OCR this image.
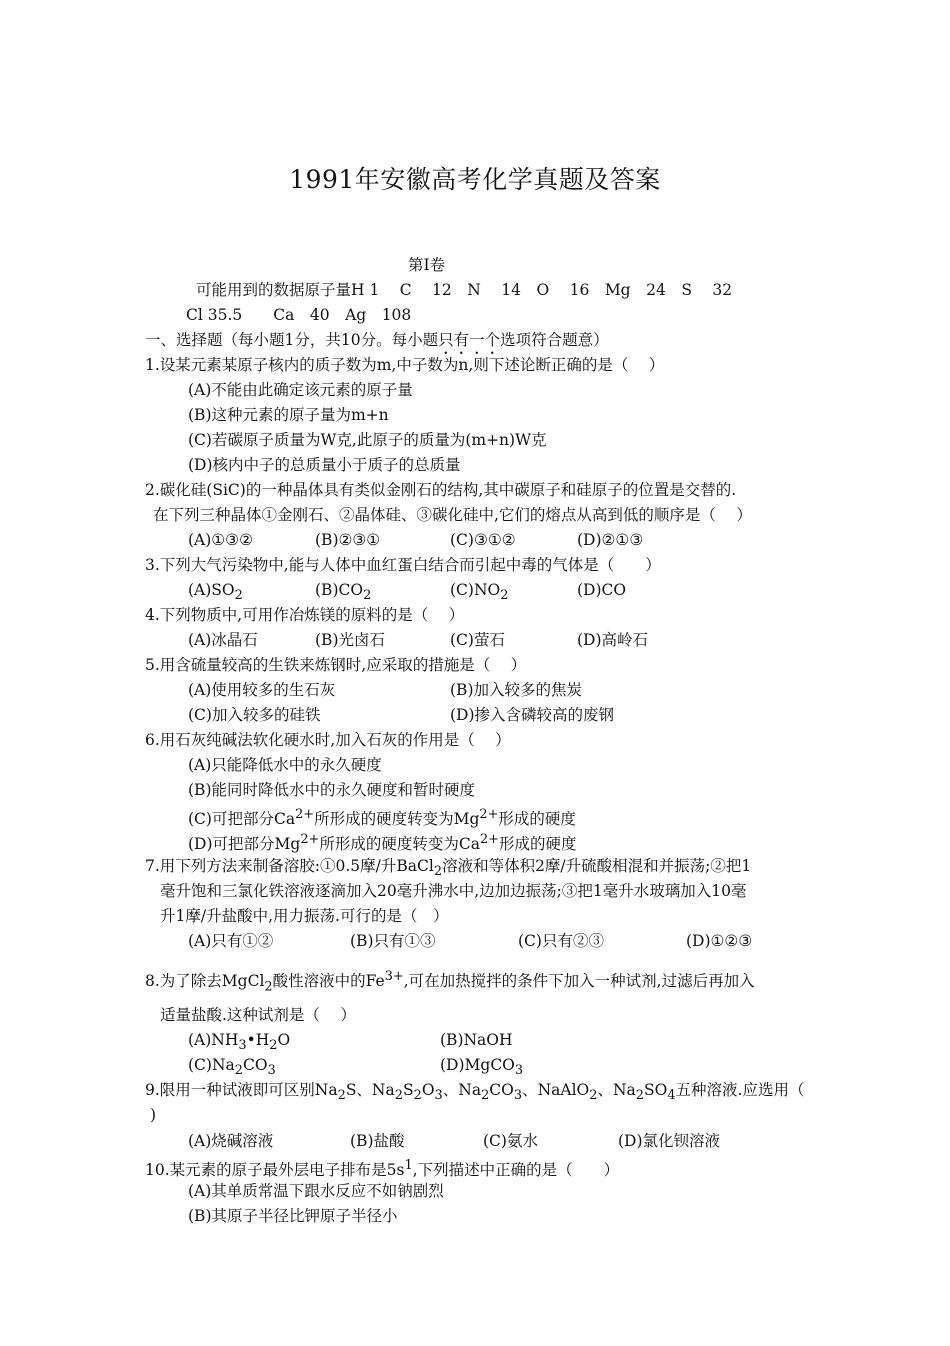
1991年安徽高考化学真题及答案
第Ⅰ卷
可能用到的数据原子量H 1　 C　 12　N　 14　O　 16　Mg　24　S　 32
Cl 35.5　　Ca　40　Ag　108
一、选择题（每小题1分，共10分。每小题只有一个选项符合题意）
1.设某元素某原子核内的质子数为m,中子数为n,则下述论断正确的是（　 ）
(A)不能由此确定该元素的原子量
(B)这种元素的原子量为m+n
(C)若碳原子质量为W克,此原子的质量为(m+n)W克
(D)核内中子的总质量小于质子的总质量
2.碳化硅(SiC)的一种晶体具有类似金刚石的结构,其中碳原子和硅原子的位置是交替的.
在下列三种晶体①金刚石、②晶体硅、③碳化硅中,它们的熔点从高到低的顺序是（　 ）
(A)①③②	(B)②③①	(C)③①②	(D)②①③
3.下列大气污染物中,能与人体中血红蛋白结合而引起中毒的气体是（　　）
$(A)SO_2$	$(B)CO_2$	$(C)NO_2$	(D)CO
4.下列物质中,可用作冶炼镁的原料的是（　 ）
(A)冰晶石	(B)光卤石	(C)萤石	(D)高岭石
5.用含硫量较高的生铁来炼钢时,应采取的措施是（　 ）
(A)使用较多的生石灰	(B)加入较多的焦炭
(C)加入较多的硅铁	(D)掺入含磷较高的废钢
6.用石灰纯碱法软化硬水时,加入石灰的作用是（　 ）
(A)只能降低水中的永久硬度
(B)能同时降低水中的永久硬度和暂时硬度
(C)可把部分$Ca^{2+}$所形成的硬度转变为$Mg^{2+}$形成的硬度
(D)可把部分$Mg^{2+}$所形成的硬度转变为$Ca^{2+}$形成的硬度
7.用下列方法来制备溶胶:①0.5摩/升BaCl$_2$溶液和等体积2摩/升硫酸相混和并振荡;②把1
毫升饱和三氯化铁溶液逐滴加入20毫升沸水中,边加边振荡;③把1毫升水玻璃加入10毫
升1摩/升盐酸中,用力振荡.可行的是（　）
(A)只有①②	(B)只有①③	(C)只有②③	(D)①②③
8.为了除去MgCl$_2$酸性溶液中的$Fe^{3+}$,可在加热搅拌的条件下加入一种试剂,过滤后再加入
适量盐酸.这种试剂是（　 ）
$(A)NH_3•H_2O$	(B)NaOH
$(C)Na_2CO_3$	(D)MgCO$_3$
9.限用一种试液即可区别$Na_2S$、$Na_2S_2O_3$、$Na_2CO_3$、NaAlO$_2$、$Na_2SO_4$五种溶液.应选用（
)
(A)烧碱溶液	(B)盐酸	(C)氨水	(D)氯化钡溶液
10.某元素的原子最外层电子排布是$5s^1$,下列描述中正确的是（　　）
(A)其单质常温下跟水反应不如钠剧烈
(B)其原子半径比钾原子半径小
